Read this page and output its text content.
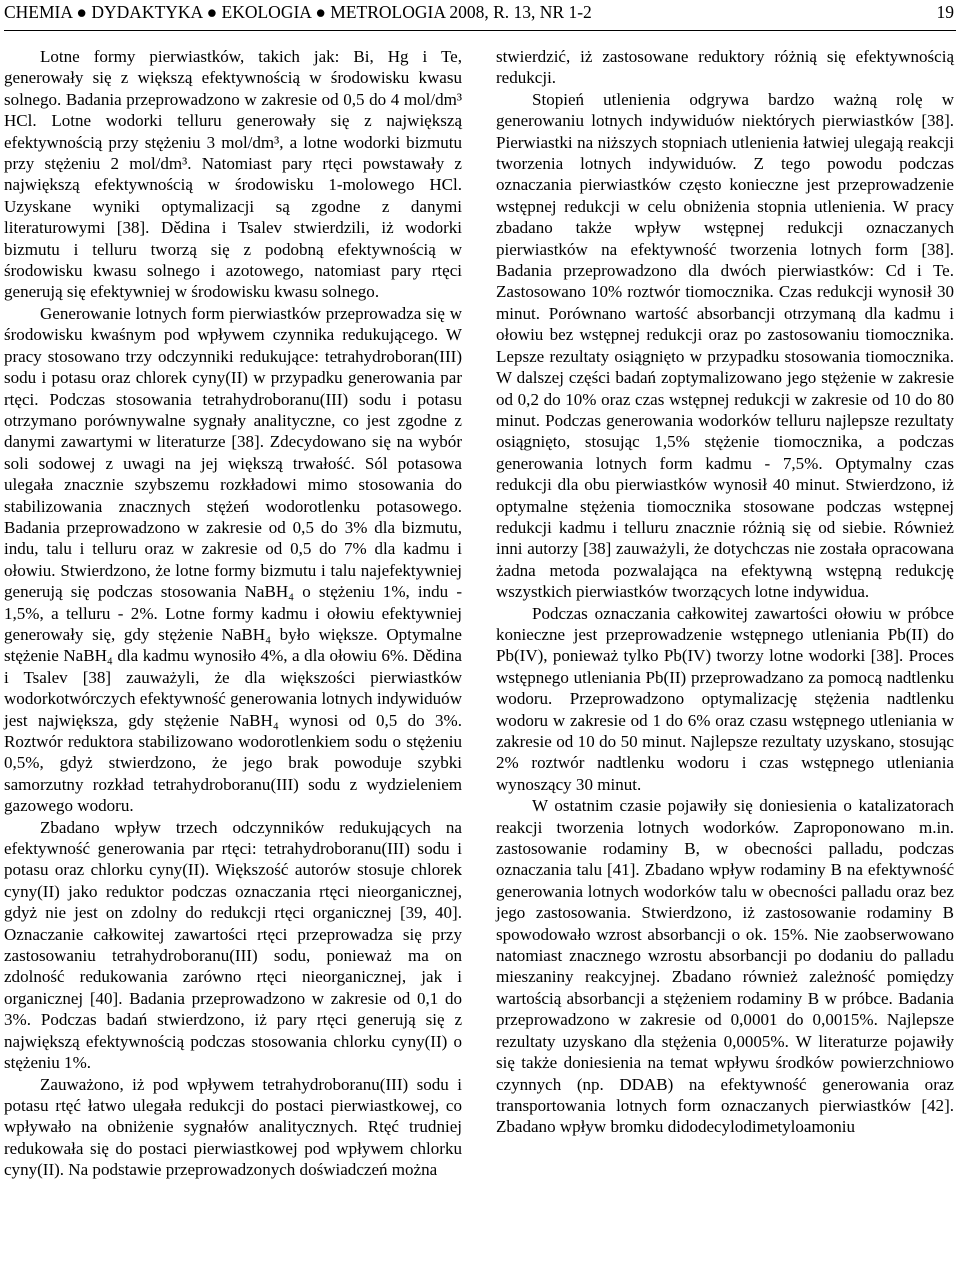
CHEMIA ● DYDAKTYKA ● EKOLOGIA ● METROLOGIA 2008, R. 13, NR 1-2	19

Lotne formy pierwiastków, takich jak: Bi, Hg i Te, generowały się z większą efektywnością w środowisku kwasu solnego. Badania przeprowadzono w zakresie od 0,5 do 4 mol/dm³ HCl. Lotne wodorki telluru generowały się z największą efektywnością przy stężeniu 3 mol/dm³, a lotne wodorki bizmutu przy stężeniu 2 mol/dm³. Natomiast pary rtęci powstawały z największą efektywnością w środowisku 1-molowego HCl. Uzyskane wyniki optymalizacji są zgodne z danymi literaturowymi [38]. Dědina i Tsalev stwierdzili, iż wodorki bizmutu i telluru tworzą się z podobną efektywnością w środowisku kwasu solnego i azotowego, natomiast pary rtęci generują się efektywniej w środowisku kwasu solnego.

Generowanie lotnych form pierwiastków przeprowadza się w środowisku kwaśnym pod wpływem czynnika redukującego. W pracy stosowano trzy odczynniki redukujące: tetrahydroboran(III) sodu i potasu oraz chlorek cyny(II) w przypadku generowania par rtęci. Podczas stosowania tetrahydroboranu(III) sodu i potasu otrzymano porównywalne sygnały analityczne, co jest zgodne z danymi zawartymi w literaturze [38]. Zdecydowano się na wybór soli sodowej z uwagi na jej większą trwałość. Sól potasowa ulegała znacznie szybszemu rozkładowi mimo stosowania do stabilizowania znacznych stężeń wodorotlenku potasowego. Badania przeprowadzono w zakresie od 0,5 do 3% dla bizmutu, indu, talu i telluru oraz w zakresie od 0,5 do 7% dla kadmu i ołowiu. Stwierdzono, że lotne formy bizmutu i talu najefektywniej generują się podczas stosowania NaBH₄ o stężeniu 1%, indu - 1,5%, a telluru - 2%. Lotne formy kadmu i ołowiu efektywniej generowały się, gdy stężenie NaBH₄ było większe. Optymalne stężenie NaBH₄ dla kadmu wynosiło 4%, a dla ołowiu 6%. Dědina i Tsalev [38] zauważyli, że dla większości pierwiastków wodorkotwórczych efektywność generowania lotnych indywiduów jest największa, gdy stężenie NaBH₄ wynosi od 0,5 do 3%. Roztwór reduktora stabilizowano wodorotlenkiem sodu o stężeniu 0,5%, gdyż stwierdzono, że jego brak powoduje szybki samorzutny rozkład tetrahydroboranu(III) sodu z wydzieleniem gazowego wodoru.

Zbadano wpływ trzech odczynników redukujących na efektywność generowania par rtęci: tetrahydroboranu(III) sodu i potasu oraz chlorku cyny(II). Większość autorów stosuje chlorek cyny(II) jako reduktor podczas oznaczania rtęci nieorganicznej, gdyż nie jest on zdolny do redukcji rtęci organicznej [39, 40]. Oznaczanie całkowitej zawartości rtęci przeprowadza się przy zastosowaniu tetrahydroboranu(III) sodu, ponieważ ma on zdolność redukowania zarówno rtęci nieorganicznej, jak i organicznej [40]. Badania przeprowadzono w zakresie od 0,1 do 3%. Podczas badań stwierdzono, iż pary rtęci generują się z największą efektywnością podczas stosowania chlorku cyny(II) o stężeniu 1%.

Zauważono, iż pod wpływem tetrahydroboranu(III) sodu i potasu rtęć łatwo ulegała redukcji do postaci pierwiastkowej, co wpływało na obniżenie sygnałów analitycznych. Rtęć trudniej redukowała się do postaci pierwiastkowej pod wpływem chlorku cyny(II). Na podstawie przeprowadzonych doświadczeń można

stwierdzić, iż zastosowane reduktory różnią się efektywnością redukcji.

Stopień utlenienia odgrywa bardzo ważną rolę w generowaniu lotnych indywiduów niektórych pierwiastków [38]. Pierwiastki na niższych stopniach utlenienia łatwiej ulegają reakcji tworzenia lotnych indywiduów. Z tego powodu podczas oznaczania pierwiastków często konieczne jest przeprowadzenie wstępnej redukcji w celu obniżenia stopnia utlenienia. W pracy zbadano także wpływ wstępnej redukcji oznaczanych pierwiastków na efektywność tworzenia lotnych form [38]. Badania przeprowadzono dla dwóch pierwiastków: Cd i Te. Zastosowano 10% roztwór tiomocznika. Czas redukcji wynosił 30 minut. Porównano wartość absorbancji otrzymaną dla kadmu i ołowiu bez wstępnej redukcji oraz po zastosowaniu tiomocznika. Lepsze rezultaty osiągnięto w przypadku stosowania tiomocznika. W dalszej części badań zoptymalizowano jego stężenie w zakresie od 0,2 do 10% oraz czas wstępnej redukcji w zakresie od 10 do 80 minut. Podczas generowania wodorków telluru najlepsze rezultaty osiągnięto, stosując 1,5% stężenie tiomocznika, a podczas generowania lotnych form kadmu - 7,5%. Optymalny czas redukcji dla obu pierwiastków wynosił 40 minut. Stwierdzono, iż optymalne stężenia tiomocznika stosowane podczas wstępnej redukcji kadmu i telluru znacznie różnią się od siebie. Również inni autorzy [38] zauważyli, że dotychczas nie została opracowana żadna metoda pozwalająca na efektywną wstępną redukcję wszystkich pierwiastków tworzących lotne indywidua.

Podczas oznaczania całkowitej zawartości ołowiu w próbce konieczne jest przeprowadzenie wstępnego utleniania Pb(II) do Pb(IV), ponieważ tylko Pb(IV) tworzy lotne wodorki [38]. Proces wstępnego utleniania Pb(II) przeprowadzano za pomocą nadtlenku wodoru. Przeprowadzono optymalizację stężenia nadtlenku wodoru w zakresie od 1 do 6% oraz czasu wstępnego utleniania w zakresie od 10 do 50 minut. Najlepsze rezultaty uzyskano, stosując 2% roztwór nadtlenku wodoru i czas wstępnego utleniania wynoszący 30 minut.

W ostatnim czasie pojawiły się doniesienia o katalizatorach reakcji tworzenia lotnych wodorków. Zaproponowano m.in. zastosowanie rodaminy B, w obecności palladu, podczas oznaczania talu [41]. Zbadano wpływ rodaminy B na efektywność generowania lotnych wodorków talu w obecności palladu oraz bez jego zastosowania. Stwierdzono, iż zastosowanie rodaminy B spowodowało wzrost absorbancji o ok. 15%. Nie zaobserwowano natomiast znacznego wzrostu absorbancji po dodaniu do palladu mieszaniny reakcyjnej. Zbadano również zależność pomiędzy wartością absorbancji a stężeniem rodaminy B w próbce. Badania przeprowadzono w zakresie od 0,0001 do 0,0015%. Najlepsze rezultaty uzyskano dla stężenia 0,0005%. W literaturze pojawiły się także doniesienia na temat wpływu środków powierzchniowo czynnych (np. DDAB) na efektywność generowania oraz transportowania lotnych form oznaczanych pierwiastków [42]. Zbadano wpływ bromku didodecylodimetyloamoniu
